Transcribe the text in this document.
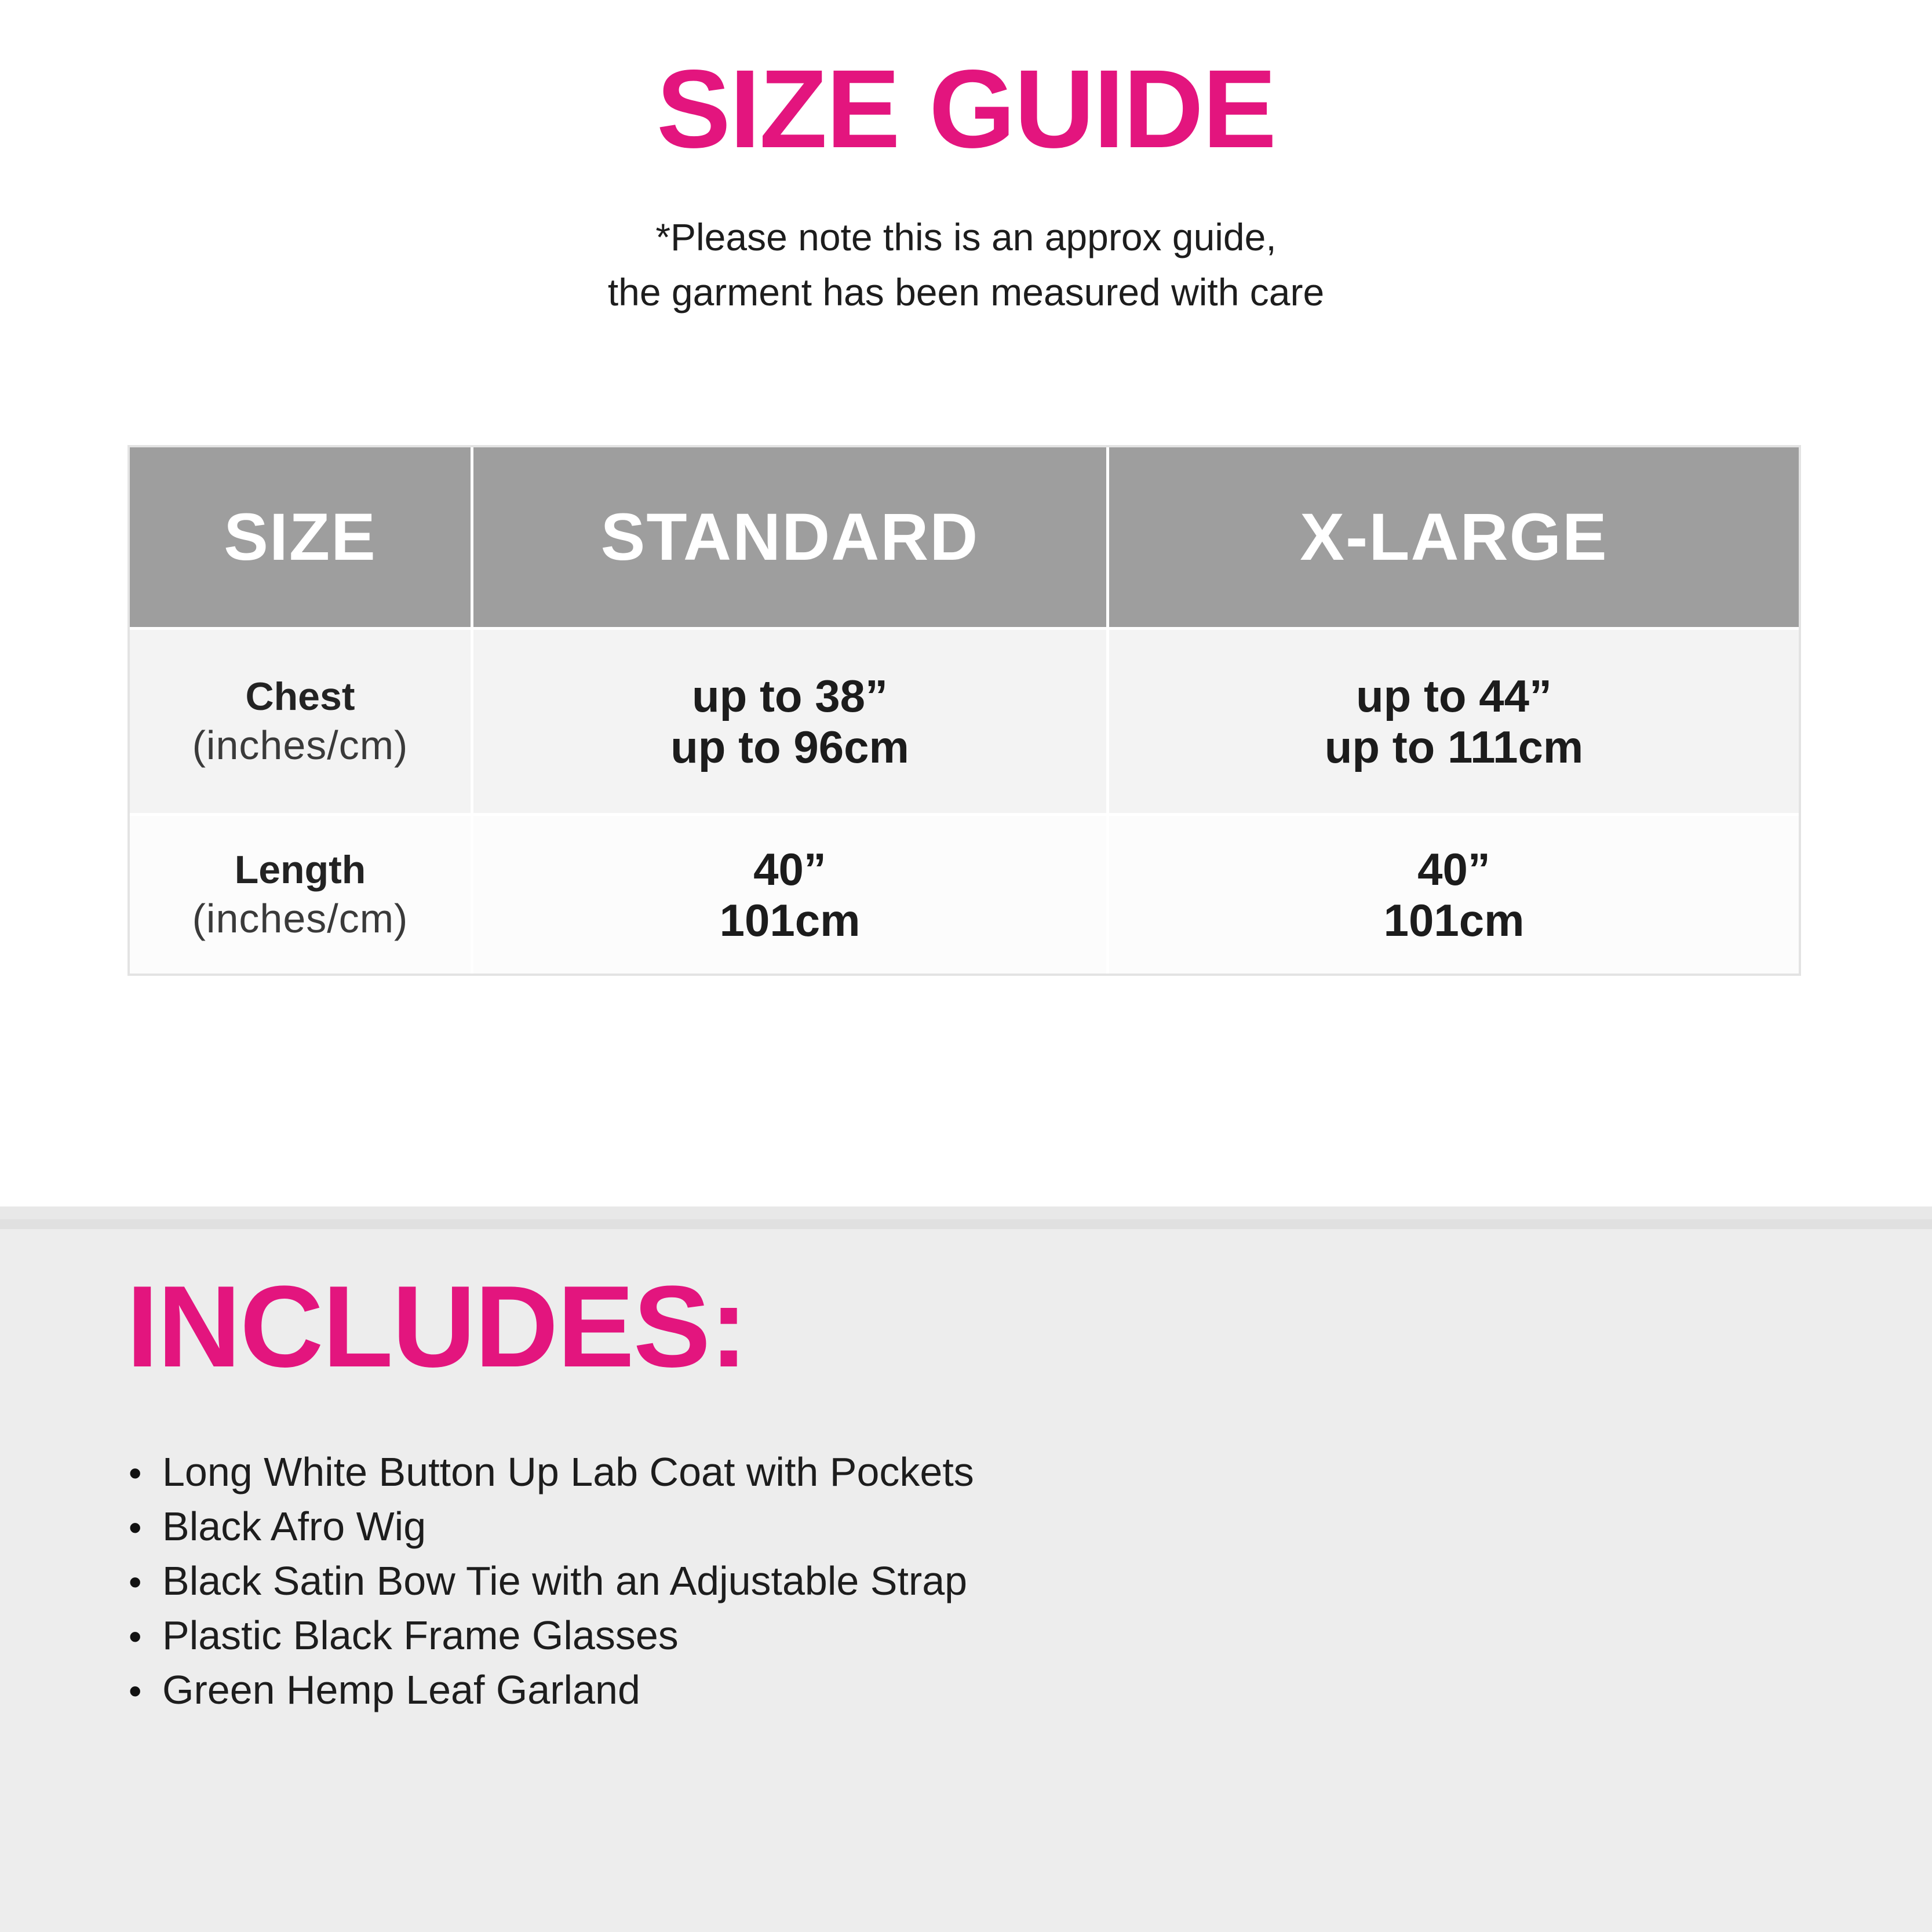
SIZE GUIDE

*Please note this is an approx guide,
the garment has been measured with care

SIZE	STANDARD	X-LARGE
Chest
(inches/cm)
up to 38”
up to 96cm
up to 44”
up to 111cm
Length
(inches/cm)
40”
101cm
40”
101cm
INCLUDES:
• Long White Button Up Lab Coat with Pockets
• Black Afro Wig
• Black Satin Bow Tie with an Adjustable Strap
• Plastic Black Frame Glasses
• Green Hemp Leaf Garland
